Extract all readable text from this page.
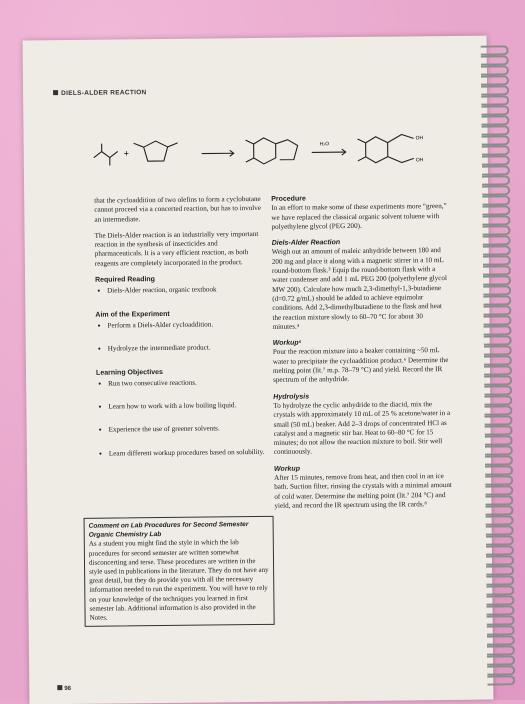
DIELS-ALDER REACTION
+
H₂O
OH
OH

that the cycloaddition of two olefins to form a cyclobutane cannot proceed via a concerted reaction, but has to involve an intermediate.

The Diels-Alder reaction is an industrially very important reaction in the synthesis of insecticides and pharmaceuticals. It is a very efficient reaction, as both reagents are completely incorporated in the product.

Required Reading
• Diels-Alder reaction, organic textbook
Aim of the Experiment
• Perform a Diels-Alder cycloaddition.
• Hydrolyze the intermediate product.
Learning Objectives
• Run two consecutive reactions.
• Learn how to work with a low boiling liquid.
• Experience the use of greener solvents.
• Learn different workup procedures based on solubility.
Comment on Lab Procedures for Second Semester Organic Chemistry Lab
As a student you might find the style in which the lab procedures for second semester are written somewhat disconcerting and terse. These procedures are written in the style used in publications in the literature. They do not have any great detail, but they do provide you with all the necessary information needed to run the experiment. You will have to rely on your knowledge of the techniques you learned in first semester lab. Additional information is also provided in the Notes.
Procedure

In an effort to make some of these experiments more “green,” we have replaced the classical organic solvent toluene with polyethylene glycol (PEG 200).

Diels-Alder Reaction

Weigh out an amount of maleic anhydride between 180 and 200 mg and place it along with a magnetic stirrer in a 10 mL round-bottom flask.³ Equip the round-bottom flask with a water condenser and add 1 mL PEG 200 (polyethylene glycol MW 200). Calculate how much 2,3-dimethyl-1,3-butadiene (d=0.72 g/mL) should be added to achieve equimolar conditions. Add 2,3-dimethylbutadiene to the flask and heat the reaction mixture slowly to 60–70 °C for about 30 minutes.⁴

Workup⁵

Pour the reaction mixture into a beaker containing ~50 mL water to precipitate the cycloaddition product.⁶ Determine the melting point (lit.⁷ m.p. 78–79 °C) and yield. Record the IR spectrum of the anhydride.

Hydrolysis

To hydrolyze the cyclic anhydride to the diacid, mix the crystals with approximately 10 mL of 25 % acetone/water in a small (50 mL) beaker. Add 2–3 drops of concentrated HCl as catalyst and a magnetic stir bar. Heat to 60–80 °C for 15 minutes; do not allow the reaction mixture to boil. Stir well continuously.

Workup

After 15 minutes, remove from heat, and then cool in an ice bath. Suction filter, rinsing the crystals with a minimal amount of cold water. Determine the melting point (lit.⁷ 204 °C) and yield, and record the IR spectrum using the IR cards.⁸

98
